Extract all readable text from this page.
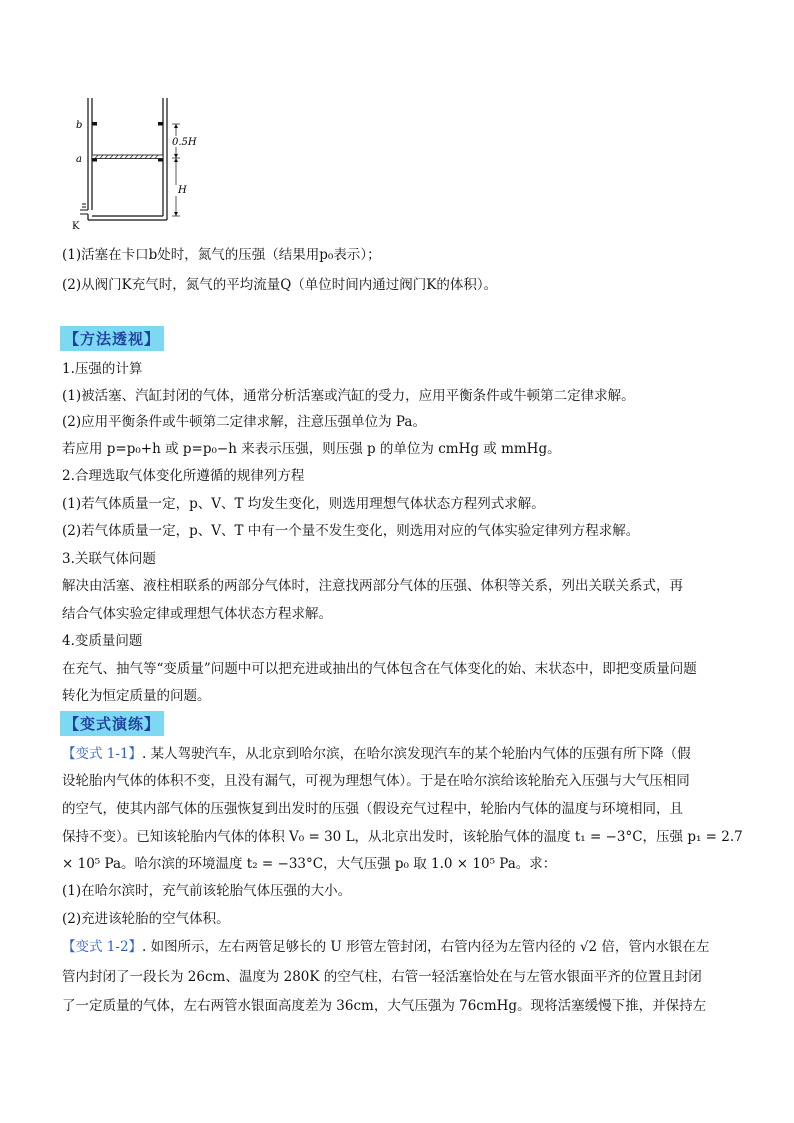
b
a
K
0.5H
H
(1)活塞在卡口b处时，氮气的压强（结果用p₀表示）；
(2)从阀门K充气时，氮气的平均流量Q（单位时间内通过阀门K的体积）。
【方法透视】
1.压强的计算
(1)被活塞、汽缸封闭的气体，通常分析活塞或汽缸的受力，应用平衡条件或牛顿第二定律求解。
(2)应用平衡条件或牛顿第二定律求解，注意压强单位为 Pa。
若应用 p=p₀+h 或 p=p₀−h 来表示压强，则压强 p 的单位为 cmHg 或 mmHg。
2.合理选取气体变化所遵循的规律列方程
(1)若气体质量一定，p、V、T 均发生变化，则选用理想气体状态方程列式求解。
(2)若气体质量一定，p、V、T 中有一个量不发生变化，则选用对应的气体实验定律列方程求解。
3.关联气体问题
解决由活塞、液柱相联系的两部分气体时，注意找两部分气体的压强、体积等关系，列出关联关系式，再
结合气体实验定律或理想气体状态方程求解。
4.变质量问题
在充气、抽气等“变质量”问题中可以把充进或抽出的气体包含在气体变化的始、末状态中，即把变质量问题
转化为恒定质量的问题。
【变式演练】
【变式 1-1】. 某人驾驶汽车，从北京到哈尔滨，在哈尔滨发现汽车的某个轮胎内气体的压强有所下降（假
设轮胎内气体的体积不变，且没有漏气，可视为理想气体）。于是在哈尔滨给该轮胎充入压强与大气压相同
的空气，使其内部气体的压强恢复到出发时的压强（假设充气过程中，轮胎内气体的温度与环境相同，且
保持不变）。已知该轮胎内气体的体积 V₀ = 30 L，从北京出发时，该轮胎气体的温度 t₁ = −3°C，压强 p₁ = 2.7
× 10⁵ Pa。哈尔滨的环境温度 t₂ = −33°C，大气压强 p₀ 取 1.0 × 10⁵ Pa。求：
(1)在哈尔滨时，充气前该轮胎气体压强的大小。
(2)充进该轮胎的空气体积。
【变式 1-2】. 如图所示，左右两管足够长的 U 形管左管封闭，右管内径为左管内径的 √2 倍，管内水银在左
管内封闭了一段长为 26cm、温度为 280K 的空气柱，右管一轻活塞恰处在与左管水银面平齐的位置且封闭
了一定质量的气体，左右两管水银面高度差为 36cm，大气压强为 76cmHg。现将活塞缓慢下推，并保持左
